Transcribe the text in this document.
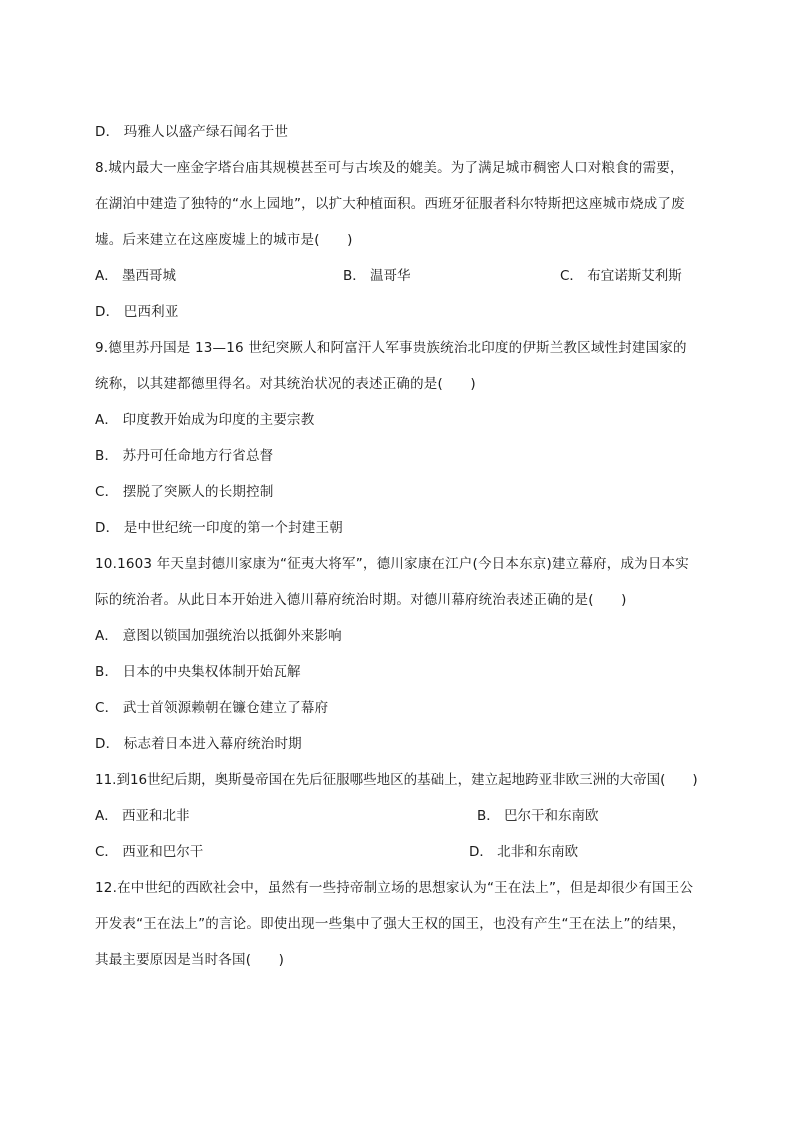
D． 玛雅人以盛产绿石闻名于世
8.城内最大一座金字塔台庙其规模甚至可与古埃及的媲美。为了满足城市稠密人口对粮食的需要，
在湖泊中建造了独特的“水上园地”，以扩大种植面积。西班牙征服者科尔特斯把这座城市烧成了废
墟。后来建立在这座废墟上的城市是(　　)
A． 墨西哥城	B． 温哥华	C． 布宜诺斯艾利斯
D． 巴西利亚
9.德里苏丹国是 13—16 世纪突厥人和阿富汗人军事贵族统治北印度的伊斯兰教区域性封建国家的
统称，以其建都德里得名。对其统治状况的表述正确的是(　　)
A． 印度教开始成为印度的主要宗教
B． 苏丹可任命地方行省总督
C． 摆脱了突厥人的长期控制
D． 是中世纪统一印度的第一个封建王朝
10.1603 年天皇封德川家康为“征夷大将军”，德川家康在江户(今日本东京)建立幕府，成为日本实
际的统治者。从此日本开始进入德川幕府统治时期。对德川幕府统治表述正确的是(　　)
A． 意图以锁国加强统治以抵御外来影响
B． 日本的中央集权体制开始瓦解
C． 武士首领源赖朝在镰仓建立了幕府
D． 标志着日本进入幕府统治时期
11.到16世纪后期，奥斯曼帝国在先后征服哪些地区的基础上，建立起地跨亚非欧三洲的大帝国(　　)
A． 西亚和北非	B． 巴尔干和东南欧
C． 西亚和巴尔干	D． 北非和东南欧
12.在中世纪的西欧社会中，虽然有一些持帝制立场的思想家认为“王在法上”，但是却很少有国王公
开发表“王在法上”的言论。即使出现一些集中了强大王权的国王，也没有产生“王在法上”的结果，
其最主要原因是当时各国(　　)
